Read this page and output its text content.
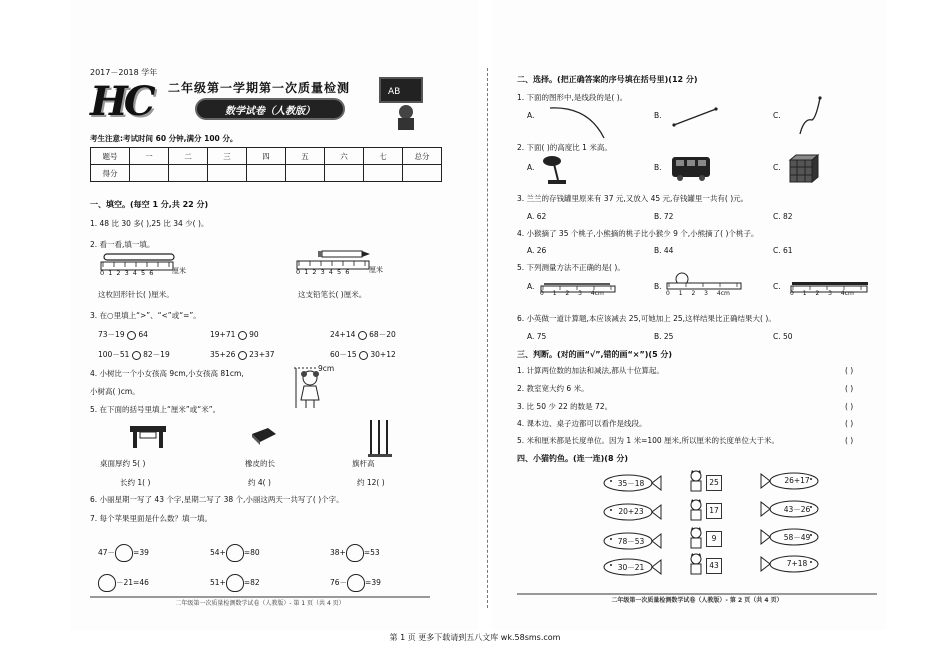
2017－2018 学年
HC	二年级第一学期第一次质量检测
数学试卷（人教版）
AB
考生注意:考试时间 60 分钟,满分 100 分。
题号	一	二	三	四	五	六	七	总分
得分								
一、填空。(每空 1 分,共 22 分)
1. 48 比 30 多( ),25 比 34 少( )。
2. 看一看,填一填。
0 1 2 3 4 5 6	厘米	0 1 2 3 4 5 6	厘米
这枚回形针长( )厘米。	这支铅笔长( )厘米。
3. 在○里填上“>”、“<”或“=”。
73－19 64	19+71 90	24+14 68－20
100－51 82－19	35+26 23+37	60－15 30+12
4. 小树比一个小女孩高 9cm,小女孩高 81cm,
小树高( )cm。
9cm
5. 在下面的括号里填上“厘米”或“米”。
桌面厚约 5( )	橡皮的长	旗杆高
长约 1( )	约 4( )	约 12( )
6. 小丽星期一写了 43 个字,星期二写了 38 个,小丽这两天一共写了( )个字。
7. 每个苹果里面是什么数？填一填。
47－ =39	54+ =80	38+ =53
－21=46	51+ =82	76－ =39
二年级第一次质量检测数学试卷（人教版）- 第 1 页（共 4 页）
二、选择。(把正确答案的序号填在括号里)(12 分)
1. 下面的图形中,是线段的是( )。
A.	B.	C.
2. 下面( )的高度比 1 米高。
A.	B.	C.
3. 兰兰的存钱罐里原来有 37 元,又放入 45 元,存钱罐里一共有( )元。
A. 62	B. 72	C. 82
4. 小猴摘了 35 个桃子,小熊摘的桃子比小猴少 9 个,小熊摘了( )个桃子。
A. 26	B. 44	C. 61
5. 下列测量方法不正确的是( )。
A.
0 1 2 3 4cm
B.
0 1 2 3 4cm
C.
0 1 2 3 4cm
6. 小英做一道计算题,本应该减去 25,可她加上 25,这样结果比正确结果大( )。
A. 75	B. 25	C. 50
三、判断。(对的画“√”,错的画“×”)(5 分)
1. 计算两位数的加法和减法,都从十位算起。	( )
2. 教室宽大约 6 米。	( )
3. 比 50 少 22 的数是 72。	( )
4. 课本边、桌子边都可以看作是线段。	( )
5. 米和厘米都是长度单位。因为 1 米=100 厘米,所以厘米的长度单位大于米。	( )
四、小猫钓鱼。(连一连)(8 分)
35－18
20+23
78－53
30－21
25
17
9
43
26+17
43－26
58－49
7+18
二年级第一次质量检测数学试卷（人教版）- 第 2 页（共 4 页）
第 1 页 更多下载请到五八文库 wk.58sms.com
